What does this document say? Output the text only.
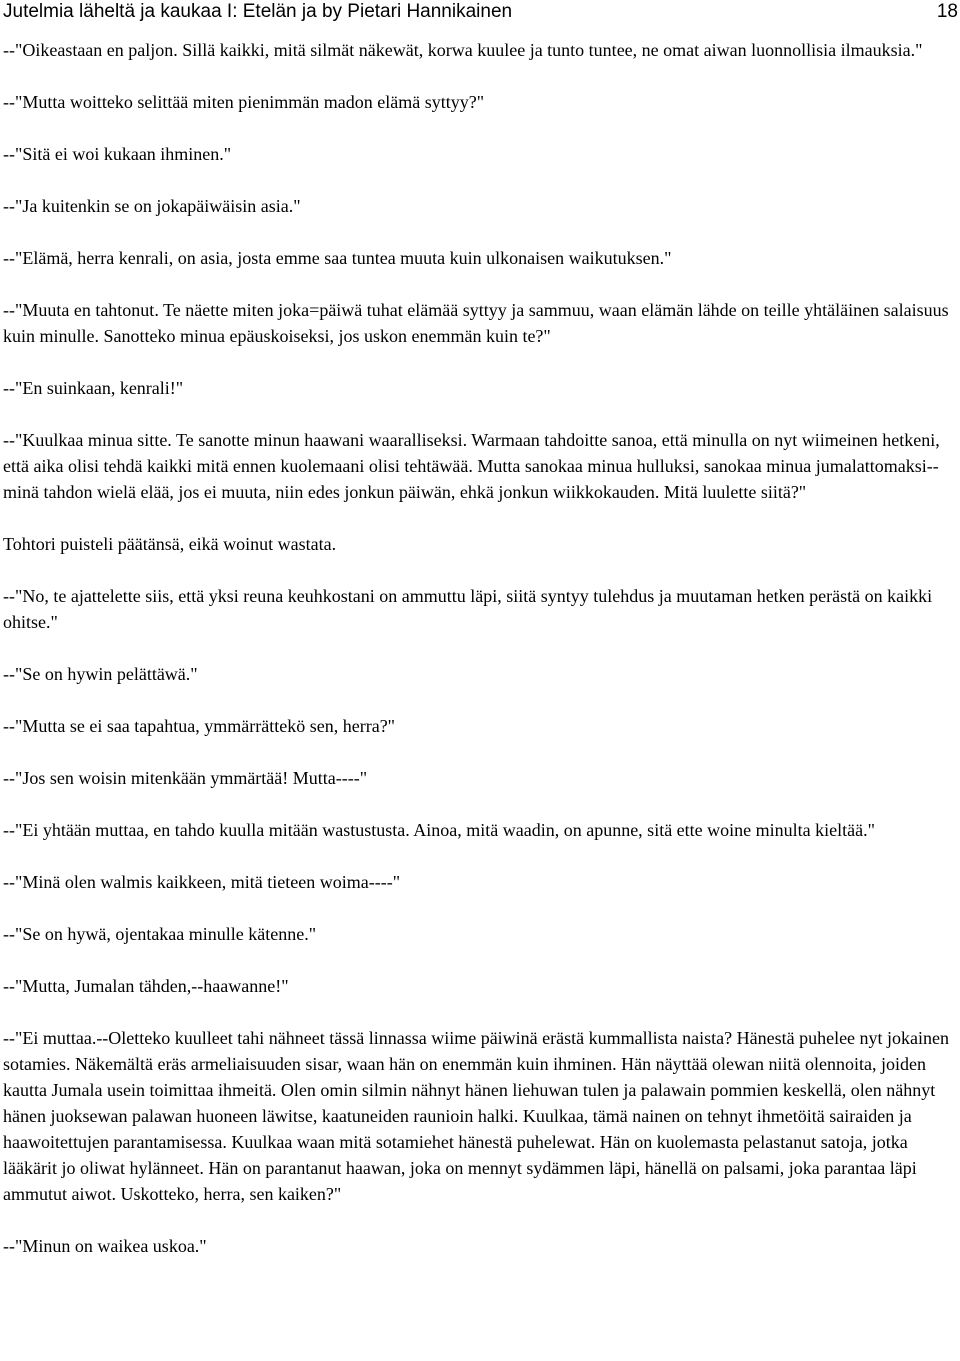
Jutelmia läheltä ja kaukaa I: Etelän ja by Pietari Hannikainen	18

--"Oikeastaan en paljon. Sillä kaikki, mitä silmät näkewät, korwa kuulee ja tunto tuntee, ne omat aiwan luonnollisia ilmauksia."

--"Mutta woitteko selittää miten pienimmän madon elämä syttyy?"

--"Sitä ei woi kukaan ihminen."

--"Ja kuitenkin se on jokapäiwäisin asia."

--"Elämä, herra kenrali, on asia, josta emme saa tuntea muuta kuin ulkonaisen waikutuksen."

--"Muuta en tahtonut. Te näette miten joka=päiwä tuhat elämää syttyy ja sammuu, waan elämän lähde on teille yhtäläinen salaisuus kuin minulle. Sanotteko minua epäuskoiseksi, jos uskon enemmän kuin te?"

--"En suinkaan, kenrali!"

--"Kuulkaa minua sitte. Te sanotte minun haawani waaralliseksi. Warmaan tahdoitte sanoa, että minulla on nyt wiimeinen hetkeni, että aika olisi tehdä kaikki mitä ennen kuolemaani olisi tehtäwää. Mutta sanokaa minua hulluksi, sanokaa minua jumalattomaksi--minä tahdon wielä elää, jos ei muuta, niin edes jonkun päiwän, ehkä jonkun wiikkokauden. Mitä luulette siitä?"

Tohtori puisteli päätänsä, eikä woinut wastata.

--"No, te ajattelette siis, että yksi reuna keuhkostani on ammuttu läpi, siitä syntyy tulehdus ja muutaman hetken perästä on kaikki ohitse."

--"Se on hywin pelättäwä."

--"Mutta se ei saa tapahtua, ymmärrättekö sen, herra?"

--"Jos sen woisin mitenkään ymmärtää! Mutta----"

--"Ei yhtään muttaa, en tahdo kuulla mitään wastustusta. Ainoa, mitä waadin, on apunne, sitä ette woine minulta kieltää."

--"Minä olen walmis kaikkeen, mitä tieteen woima----"

--"Se on hywä, ojentakaa minulle kätenne."

--"Mutta, Jumalan tähden,--haawanne!"

--"Ei muttaa.--Oletteko kuulleet tahi nähneet tässä linnassa wiime päiwinä erästä kummallista naista? Hänestä puhelee nyt jokainen sotamies. Näkemältä eräs armeliaisuuden sisar, waan hän on enemmän kuin ihminen. Hän näyttää olewan niitä olennoita, joiden kautta Jumala usein toimittaa ihmeitä. Olen omin silmin nähnyt hänen liehuwan tulen ja palawain pommien keskellä, olen nähnyt hänen juoksewan palawan huoneen läwitse, kaatuneiden raunioin halki. Kuulkaa, tämä nainen on tehnyt ihmetöitä sairaiden ja haawoitettujen parantamisessa. Kuulkaa waan mitä sotamiehet hänestä puhelewat. Hän on kuolemasta pelastanut satoja, jotka lääkärit jo oliwat hylänneet. Hän on parantanut haawan, joka on mennyt sydämmen läpi, hänellä on palsami, joka parantaa läpi ammutut aiwot. Uskotteko, herra, sen kaiken?"

--"Minun on waikea uskoa."
